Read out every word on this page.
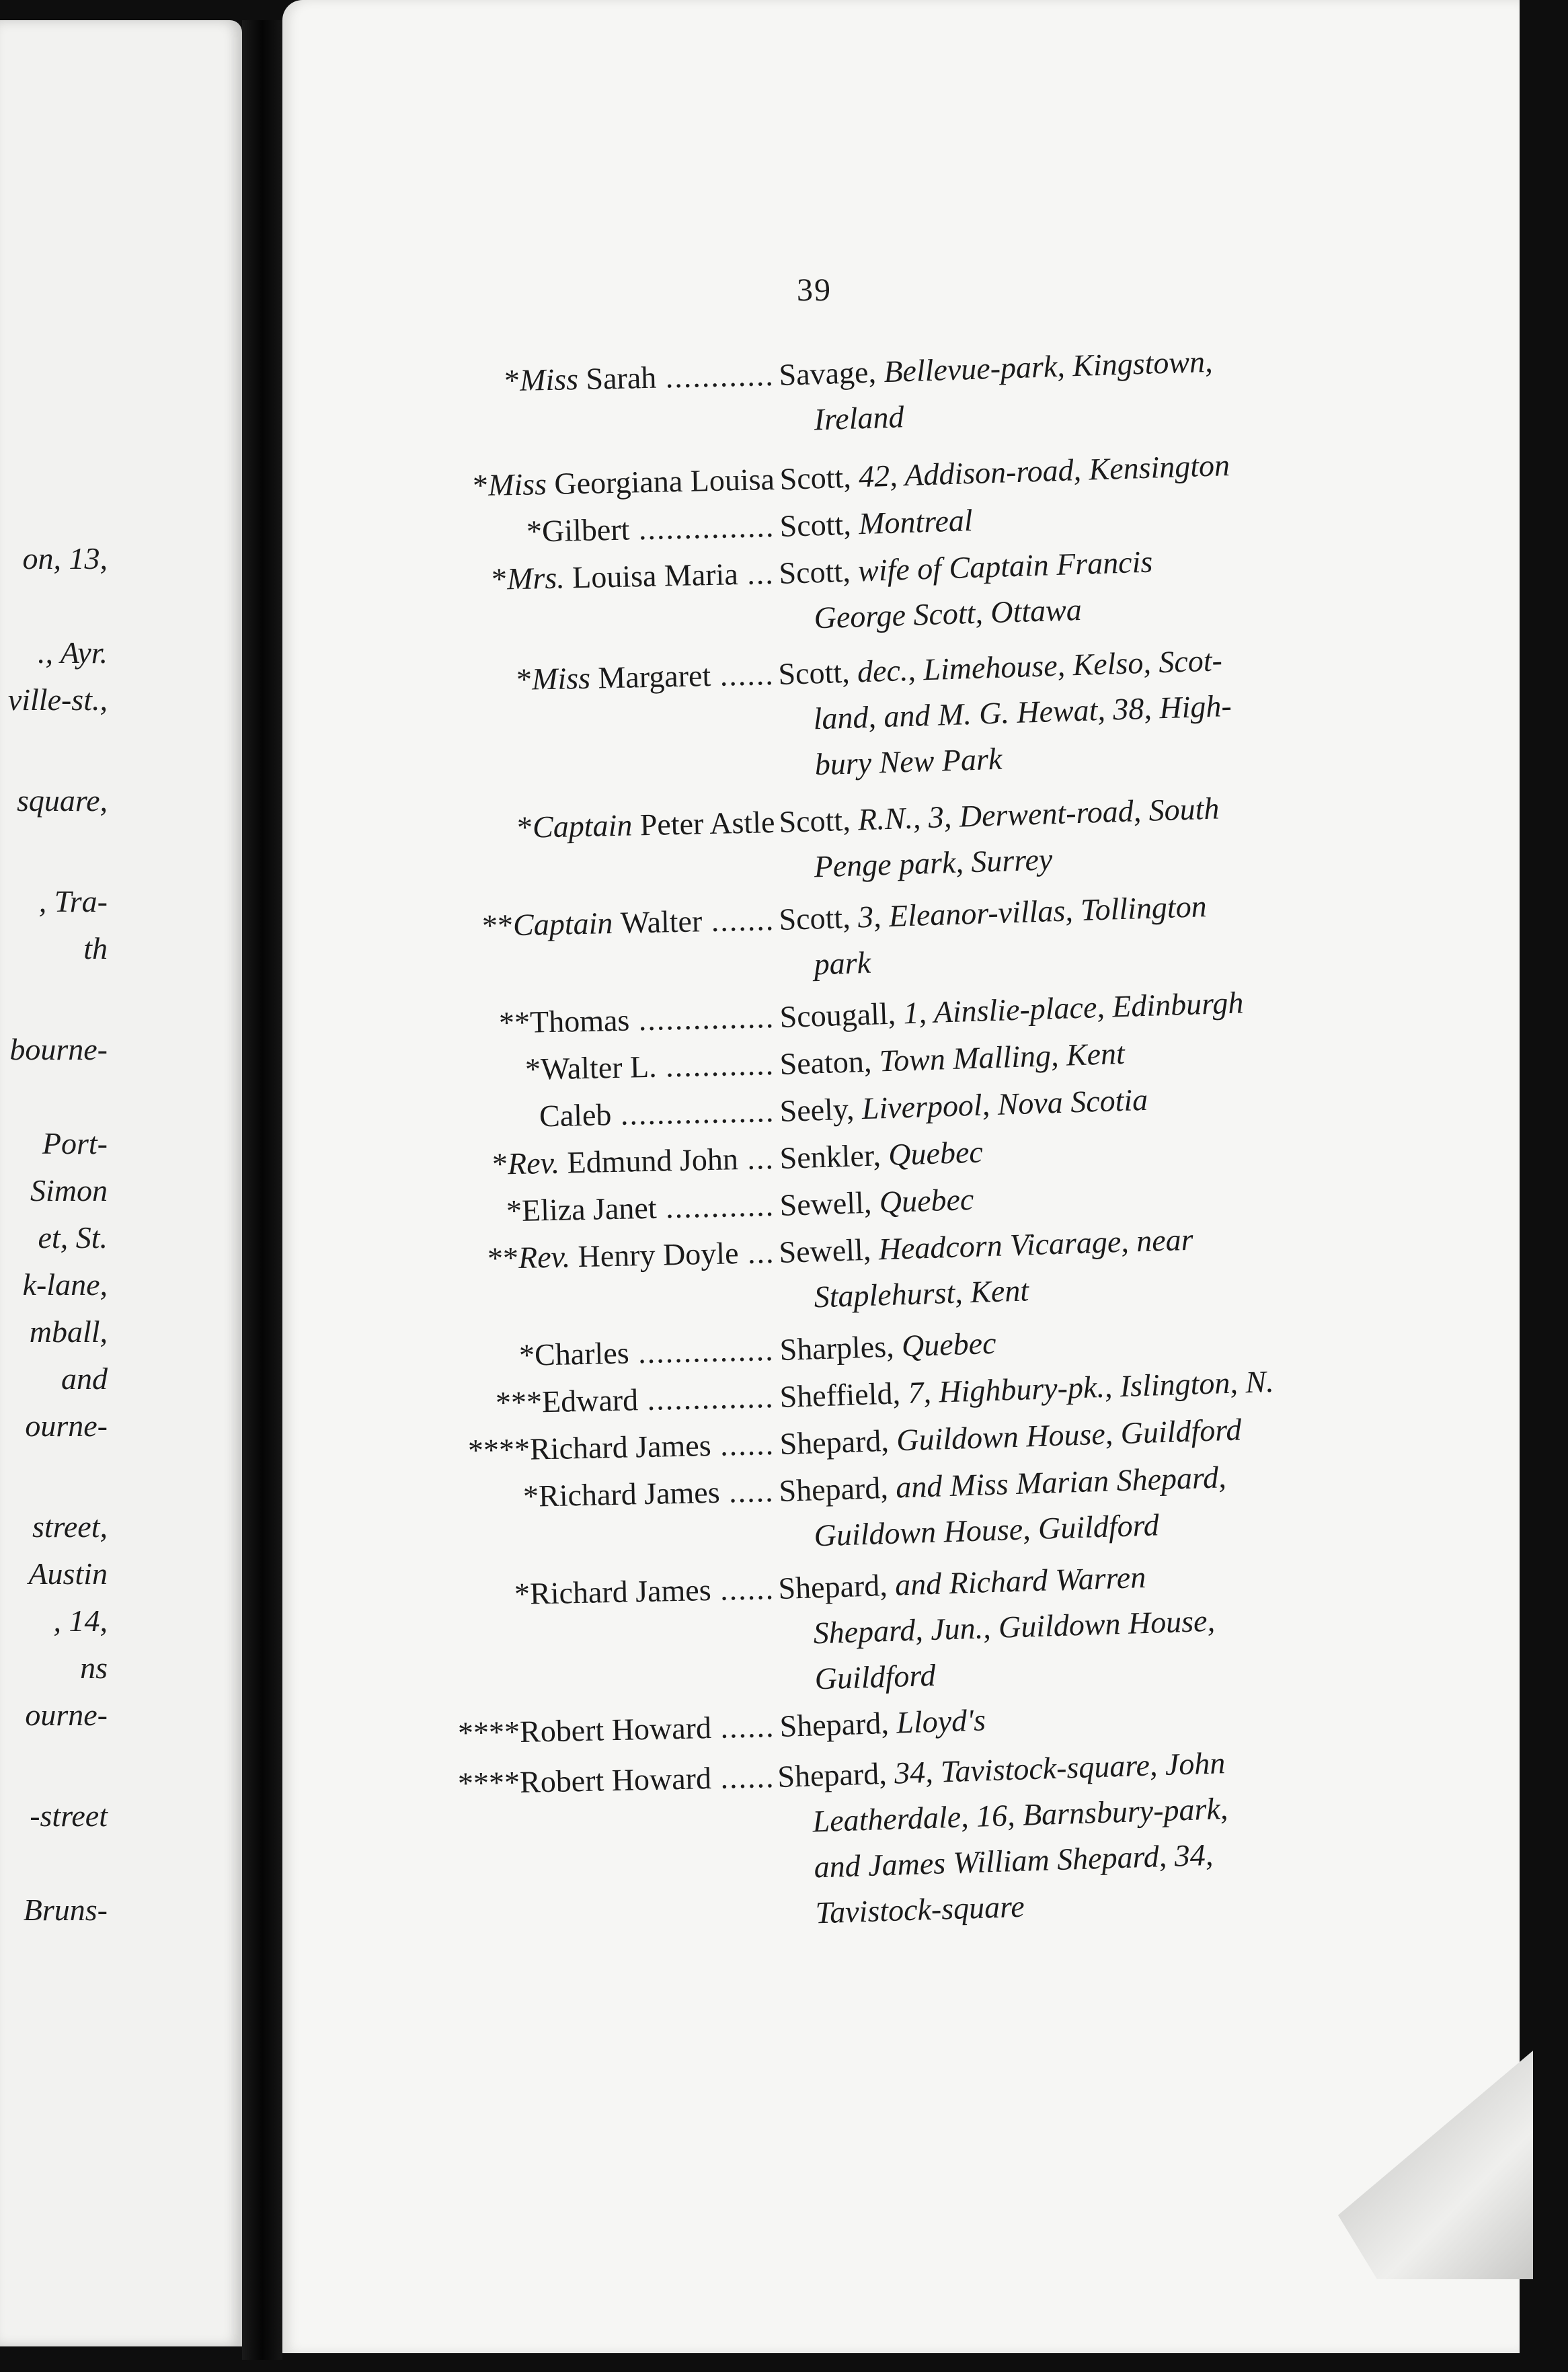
on, 13,
., Ayr.
ville-st.,
square,
, Tra-
th
bourne-
Port-
Simon
et, St.
k-lane,
mball,
and
ourne-
street,
Austin
, 14,
ns
ourne-
-street
Bruns-
39
*Miss Sarah ............ Savage, Bellevue-park, Kingstown,
Ireland
*Miss Georgiana Louisa Scott, 42, Addison-road, Kensington
*Gilbert ............... Scott, Montreal
*Mrs. Louisa Maria ... Scott, wife of Captain Francis
George Scott, Ottawa
*Miss Margaret ...... Scott, dec., Limehouse, Kelso, Scot-
land, and M. G. Hewat, 38, High-
bury New Park
*Captain Peter Astle Scott, R.N., 3, Derwent-road, South
Penge park, Surrey
**Captain Walter ....... Scott, 3, Eleanor-villas, Tollington
park
**Thomas ............... Scougall, 1, Ainslie-place, Edinburgh
*Walter L. ............ Seaton, Town Malling, Kent
Caleb ................. Seely, Liverpool, Nova Scotia
*Rev. Edmund John ... Senkler, Quebec
*Eliza Janet ............ Sewell, Quebec
**Rev. Henry Doyle ... Sewell, Headcorn Vicarage, near
Staplehurst, Kent
*Charles ............... Sharples, Quebec
***Edward .............. Sheffield, 7, Highbury-pk., Islington, N.
****Richard James ...... Shepard, Guildown House, Guildford
*Richard James ..... Shepard, and Miss Marian Shepard,
Guildown House, Guildford
*Richard James ...... Shepard, and Richard Warren
Shepard, Jun., Guildown House,
Guildford
****Robert Howard ...... Shepard, Lloyd's
****Robert Howard ...... Shepard, 34, Tavistock-square, John
Leatherdale, 16, Barnsbury-park,
and James William Shepard, 34,
Tavistock-square
